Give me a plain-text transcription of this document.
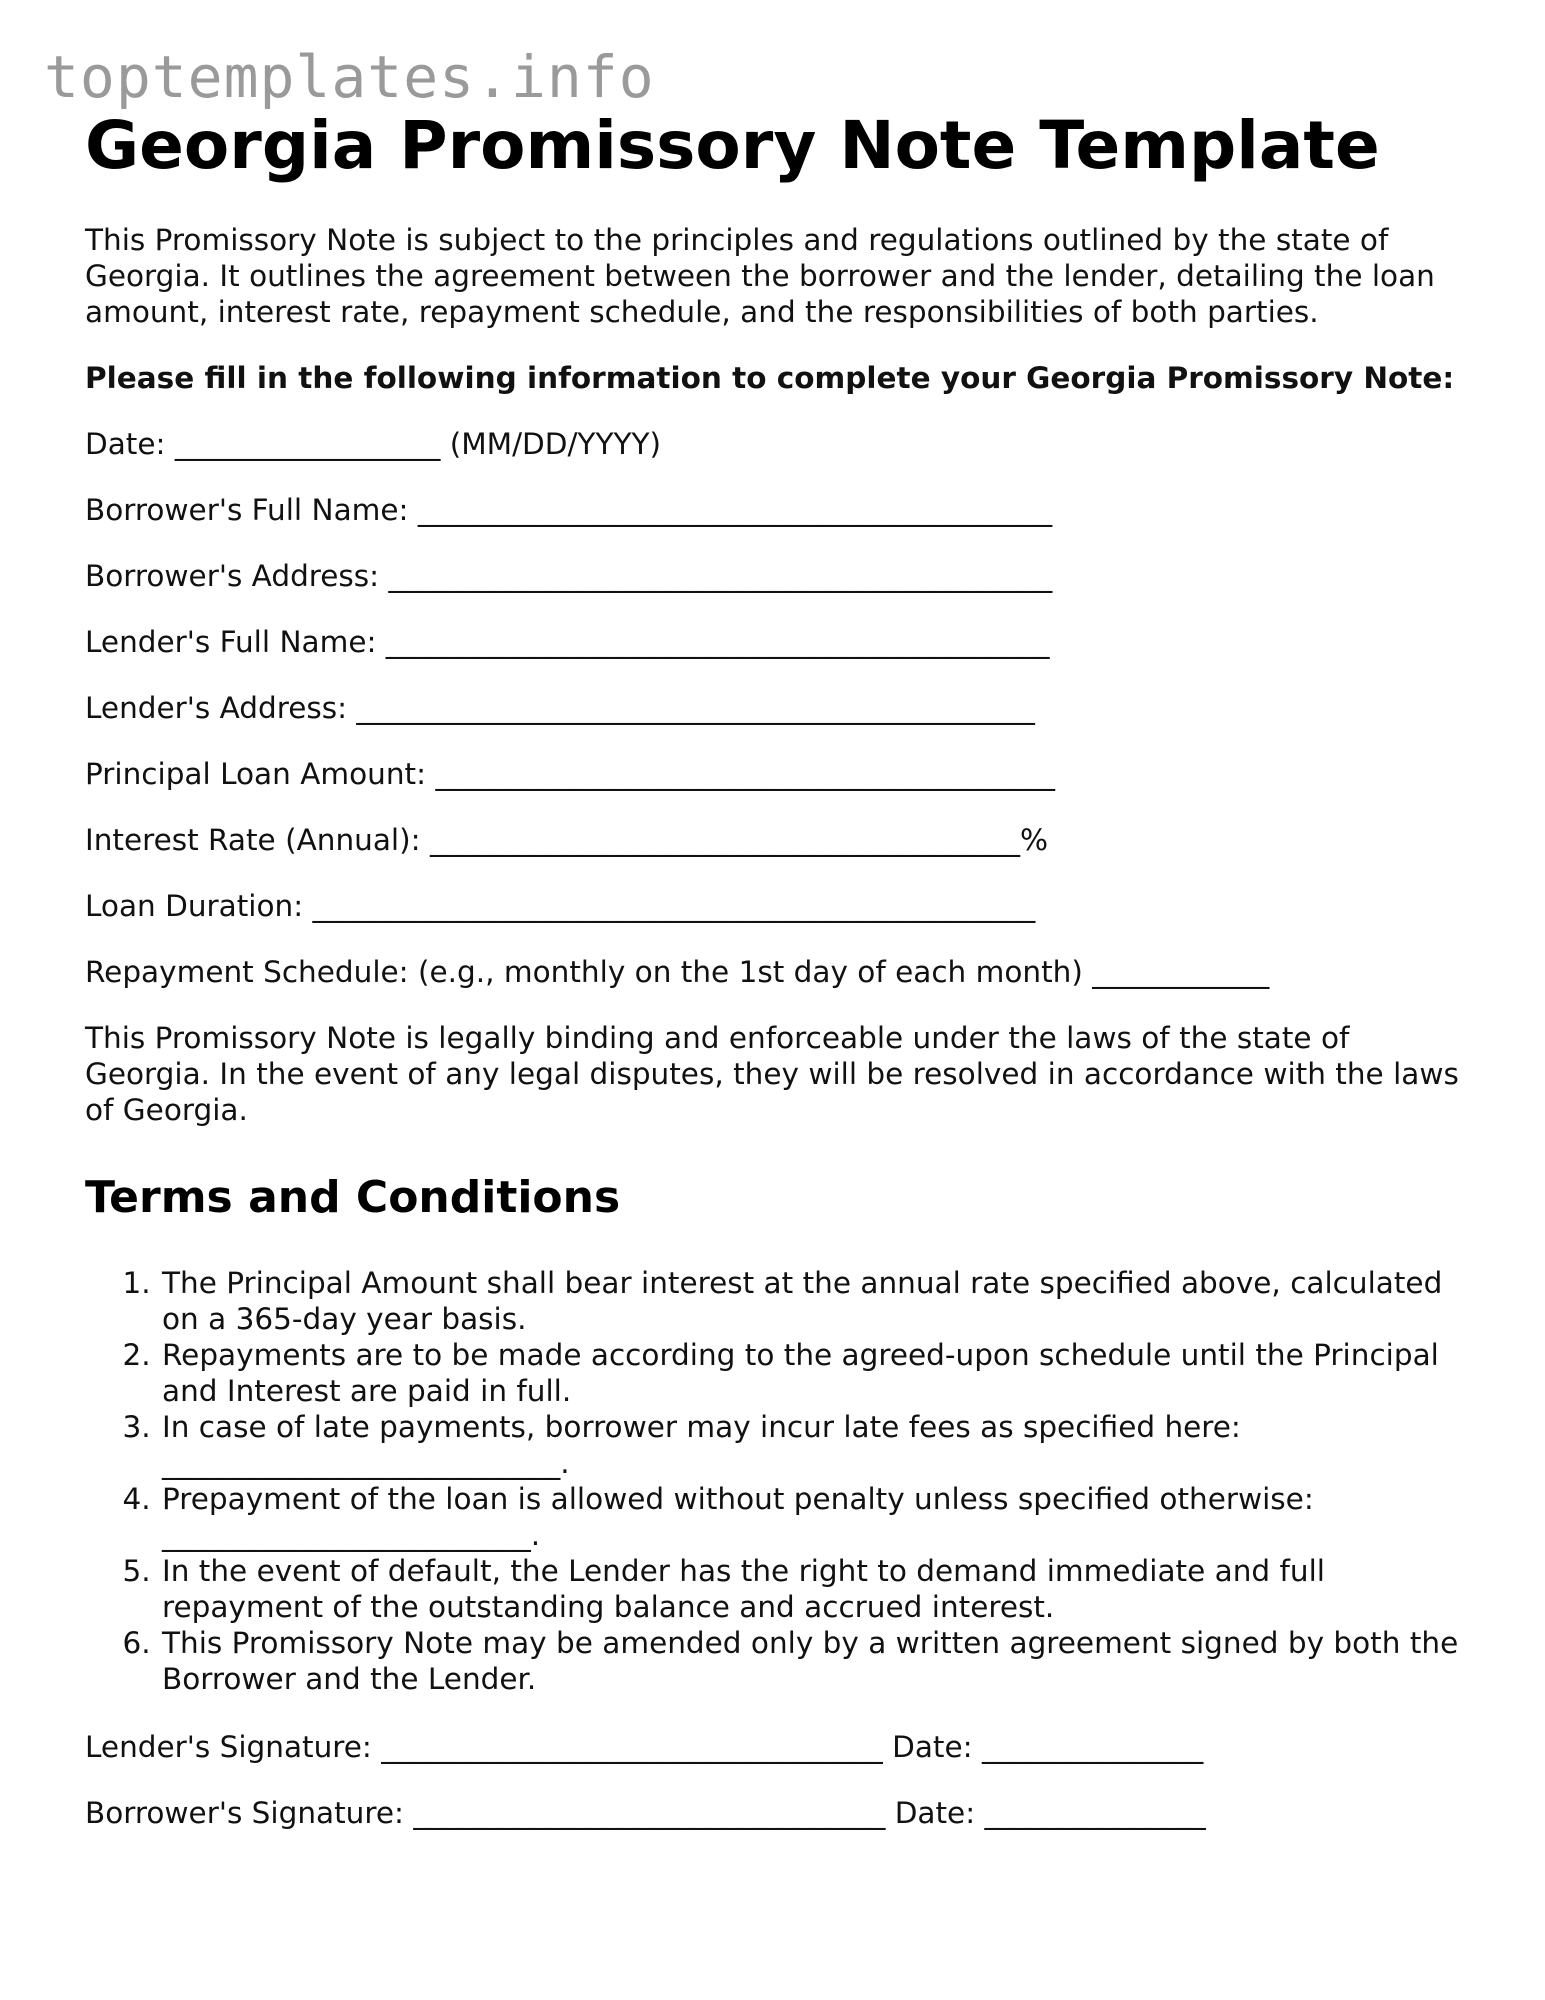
toptemplates.info
Georgia Promissory Note Template

This Promissory Note is subject to the principles and regulations outlined by the state of Georgia. It outlines the agreement between the borrower and the lender, detailing the loan amount, interest rate, repayment schedule, and the responsibilities of both parties.

Please fill in the following information to complete your Georgia Promissory Note:

Date: __________________ (MM/DD/YYYY)

Borrower's Full Name: ___________________________________________

Borrower's Address: _____________________________________________

Lender's Full Name: _____________________________________________

Lender's Address: ______________________________________________

Principal Loan Amount: __________________________________________

Interest Rate (Annual): ________________________________________%

Loan Duration: _________________________________________________

Repayment Schedule: (e.g., monthly on the 1st day of each month) ____________

This Promissory Note is legally binding and enforceable under the laws of the state of Georgia. In the event of any legal disputes, they will be resolved in accordance with the laws of Georgia.

Terms and Conditions
1. The Principal Amount shall bear interest at the annual rate specified above, calculated on a 365-day year basis.
2. Repayments are to be made according to the agreed-upon schedule until the Principal and Interest are paid in full.
3. In case of late payments, borrower may incur late fees as specified here: ___________________________.
4. Prepayment of the loan is allowed without penalty unless specified otherwise: _________________________.
5. In the event of default, the Lender has the right to demand immediate and full repayment of the outstanding balance and accrued interest.
6. This Promissory Note may be amended only by a written agreement signed by both the Borrower and the Lender.

Lender's Signature: __________________________________ Date: _______________

Borrower's Signature: ________________________________ Date: _______________
